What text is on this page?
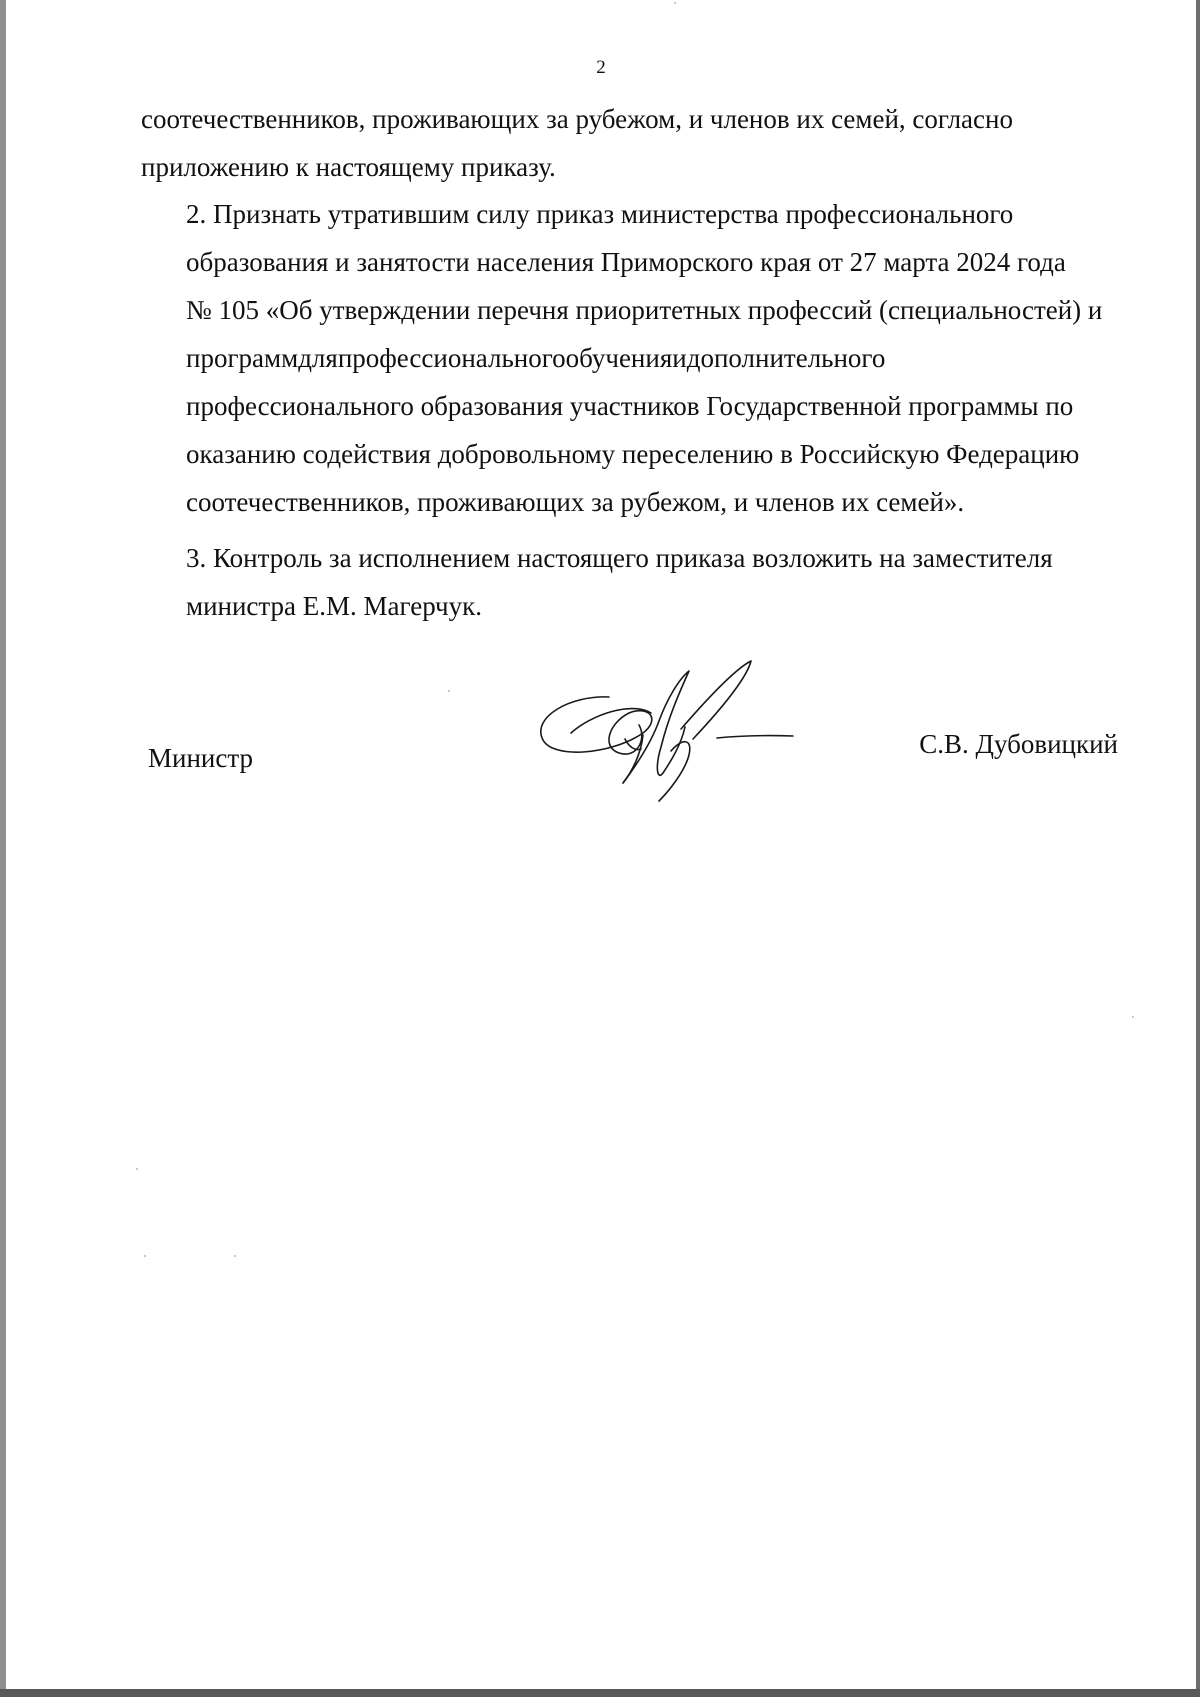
2

соотечественников, проживающих за рубежом, и членов их семей, согласно
приложению к настоящему приказу.

2. Признать утратившим силу приказ министерства профессионального
образования и занятости населения Приморского края от 27 марта 2024 года
№ 105 «Об утверждении перечня приоритетных профессий (специальностей) и
программдляпрофессиональногообученияидополнительного
профессионального образования участников Государственной программы по
оказанию содействия добровольному переселению в Российскую Федерацию
соотечественников, проживающих за рубежом, и членов их семей».

3. Контроль за исполнением настоящего приказа возложить на заместителя
министра Е.М. Магерчук.

Министр	С.В. Дубовицкий
